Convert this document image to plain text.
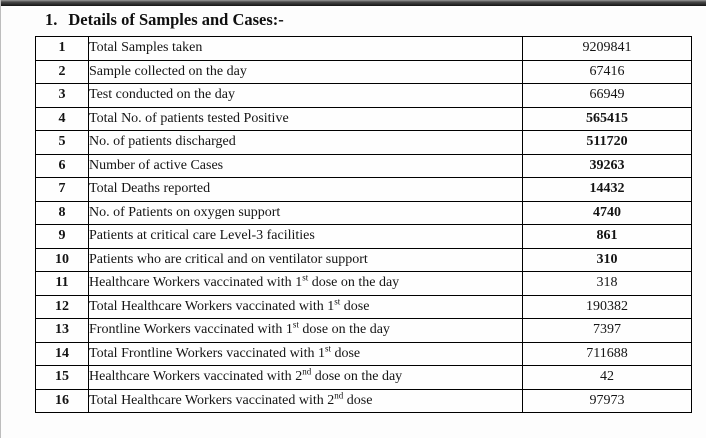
1. Details of Samples and Cases:-
1	Total Samples taken	9209841
2	Sample collected on the day	67416
3	Test conducted on the day	66949
4	Total No. of patients tested Positive	565415
5	No. of patients discharged	511720
6	Number of active Cases	39263
7	Total Deaths reported	14432
8	No. of Patients on oxygen support	4740
9	Patients at critical care Level-3 facilities	861
10	Patients who are critical and on ventilator support	310
11	Healthcare Workers vaccinated with 1st dose on the day	318
12	Total Healthcare Workers vaccinated with 1st dose	190382
13	Frontline Workers vaccinated with 1st dose on the day	7397
14	Total Frontline Workers vaccinated with 1st dose	711688
15	Healthcare Workers vaccinated with 2nd dose on the day	42
16	Total Healthcare Workers vaccinated with 2nd dose	97973
